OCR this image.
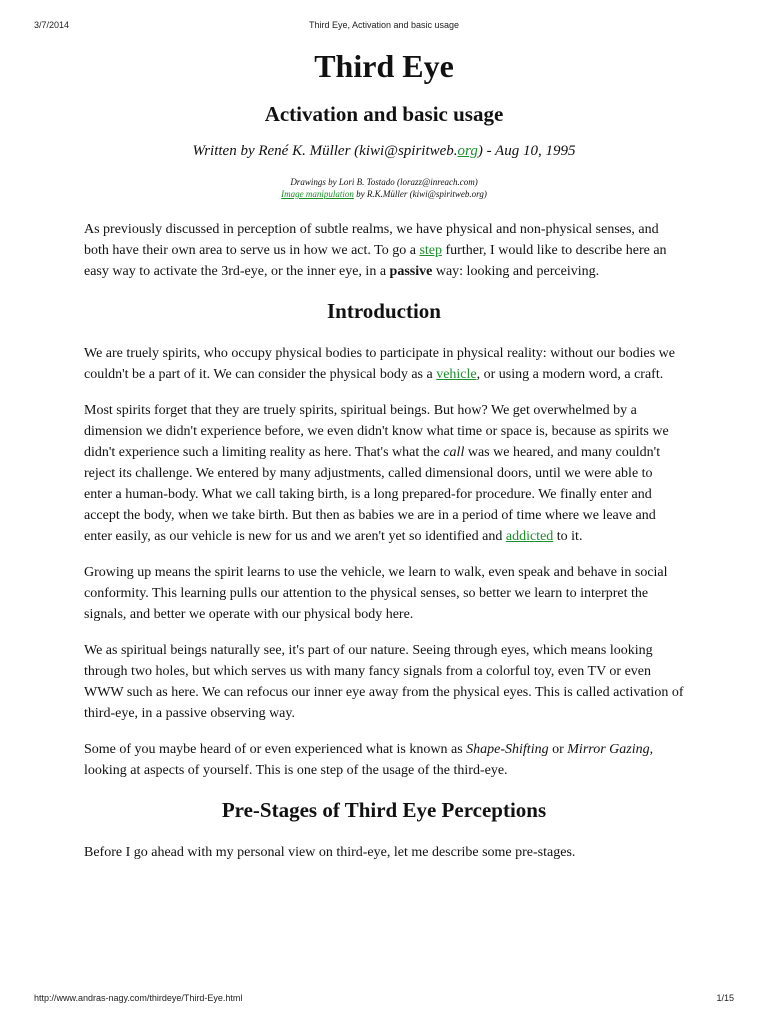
3/7/2014	Third Eye, Activation and basic usage
Third Eye
Activation and basic usage
Written by René K. Müller (kiwi@spiritweb.org) - Aug 10, 1995
Drawings by Lori B. Tostado (lorazz@inreach.com)
Image manipulation by R.K.Müller (kiwi@spiritweb.org)

As previously discussed in perception of subtle realms, we have physical and non-physical senses, and both have their own area to serve us in how we act. To go a step further, I would like to describe here an easy way to activate the 3rd-eye, or the inner eye, in a passive way: looking and perceiving.

Introduction

We are truely spirits, who occupy physical bodies to participate in physical reality: without our bodies we couldn't be a part of it. We can consider the physical body as a vehicle, or using a modern word, a craft.

Most spirits forget that they are truely spirits, spiritual beings. But how? We get overwhelmed by a dimension we didn't experience before, we even didn't know what time or space is, because as spirits we didn't experience such a limiting reality as here. That's what the call was we heared, and many couldn't reject its challenge. We entered by many adjustments, called dimensional doors, until we were able to enter a human-body. What we call taking birth, is a long prepared-for procedure. We finally enter and accept the body, when we take birth. But then as babies we are in a period of time where we leave and enter easily, as our vehicle is new for us and we aren't yet so identified and addicted to it.

Growing up means the spirit learns to use the vehicle, we learn to walk, even speak and behave in social conformity. This learning pulls our attention to the physical senses, so better we learn to interpret the signals, and better we operate with our physical body here.

We as spiritual beings naturally see, it's part of our nature. Seeing through eyes, which means looking through two holes, but which serves us with many fancy signals from a colorful toy, even TV or even WWW such as here. We can refocus our inner eye away from the physical eyes. This is called activation of third-eye, in a passive observing way.

Some of you maybe heard of or even experienced what is known as Shape-Shifting or Mirror Gazing, looking at aspects of yourself. This is one step of the usage of the third-eye.

Pre-Stages of Third Eye Perceptions

Before I go ahead with my personal view on third-eye, let me describe some pre-stages.

http://www.andras-nagy.com/thirdeye/Third-Eye.html	1/15
